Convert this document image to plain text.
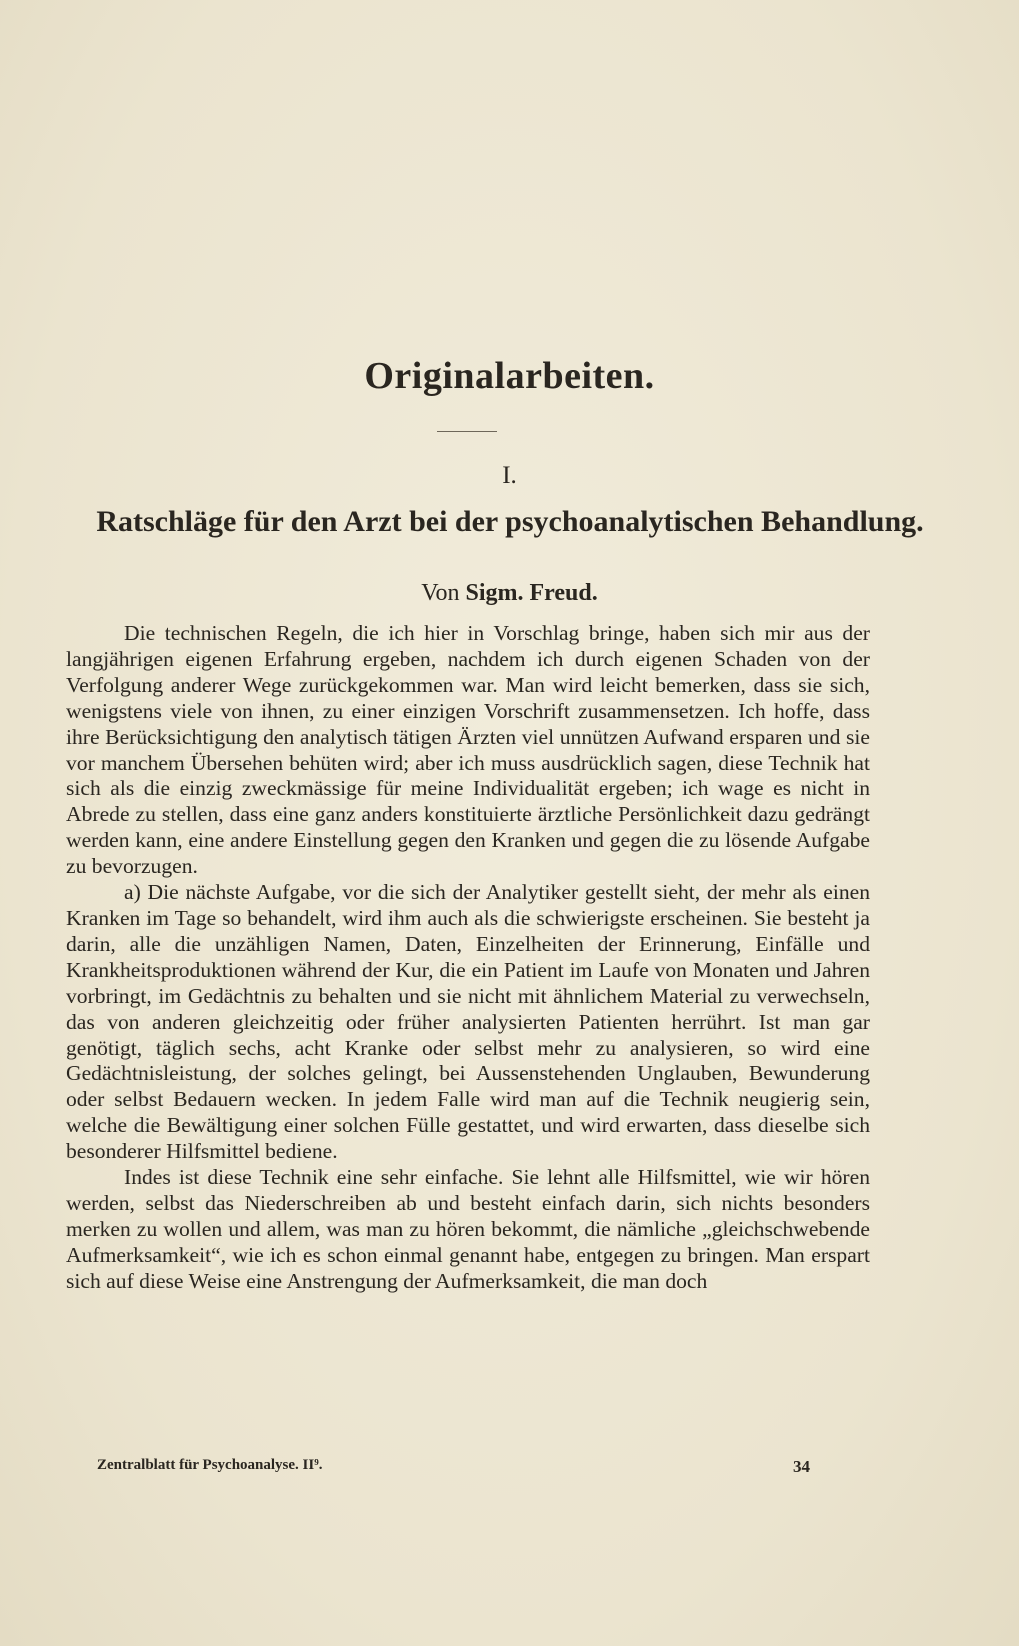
Originalarbeiten.
I.
Ratschläge für den Arzt bei der psychoanalytischen Behandlung.
Von Sigm. Freud.

Die technischen Regeln, die ich hier in Vorschlag bringe, haben sich mir aus der langjährigen eigenen Erfahrung ergeben, nachdem ich durch eigenen Schaden von der Verfolgung anderer Wege zurückgekommen war. Man wird leicht bemerken, dass sie sich, wenigstens viele von ihnen, zu einer einzigen Vorschrift zusammensetzen. Ich hoffe, dass ihre Berücksichtigung den analytisch tätigen Ärzten viel unnützen Aufwand ersparen und sie vor manchem Übersehen behüten wird; aber ich muss ausdrücklich sagen, diese Technik hat sich als die einzig zweckmässige für meine Individualität ergeben; ich wage es nicht in Abrede zu stellen, dass eine ganz anders konstituierte ärztliche Persönlichkeit dazu gedrängt werden kann, eine andere Einstellung gegen den Kranken und gegen die zu lösende Aufgabe zu bevorzugen.

a) Die nächste Aufgabe, vor die sich der Analytiker gestellt sieht, der mehr als einen Kranken im Tage so behandelt, wird ihm auch als die schwierigste erscheinen. Sie besteht ja darin, alle die unzähligen Namen, Daten, Einzelheiten der Erinnerung, Einfälle und Krankheitsproduktionen während der Kur, die ein Patient im Laufe von Monaten und Jahren vorbringt, im Gedächtnis zu behalten und sie nicht mit ähnlichem Material zu verwechseln, das von anderen gleichzeitig oder früher analysierten Patienten herrührt. Ist man gar genötigt, täglich sechs, acht Kranke oder selbst mehr zu analysieren, so wird eine Gedächtnisleistung, der solches gelingt, bei Aussenstehenden Unglauben, Bewunderung oder selbst Bedauern wecken. In jedem Falle wird man auf die Technik neugierig sein, welche die Bewältigung einer solchen Fülle gestattet, und wird erwarten, dass dieselbe sich besonderer Hilfsmittel bediene.

Indes ist diese Technik eine sehr einfache. Sie lehnt alle Hilfsmittel, wie wir hören werden, selbst das Niederschreiben ab und besteht einfach darin, sich nichts besonders merken zu wollen und allem, was man zu hören bekommt, die nämliche „gleichschwebende Aufmerksamkeit“, wie ich es schon einmal genannt habe, entgegen zu bringen. Man erspart sich auf diese Weise eine Anstrengung der Aufmerksamkeit, die man doch

Zentralblatt für Psychoanalyse. II⁹.	34
